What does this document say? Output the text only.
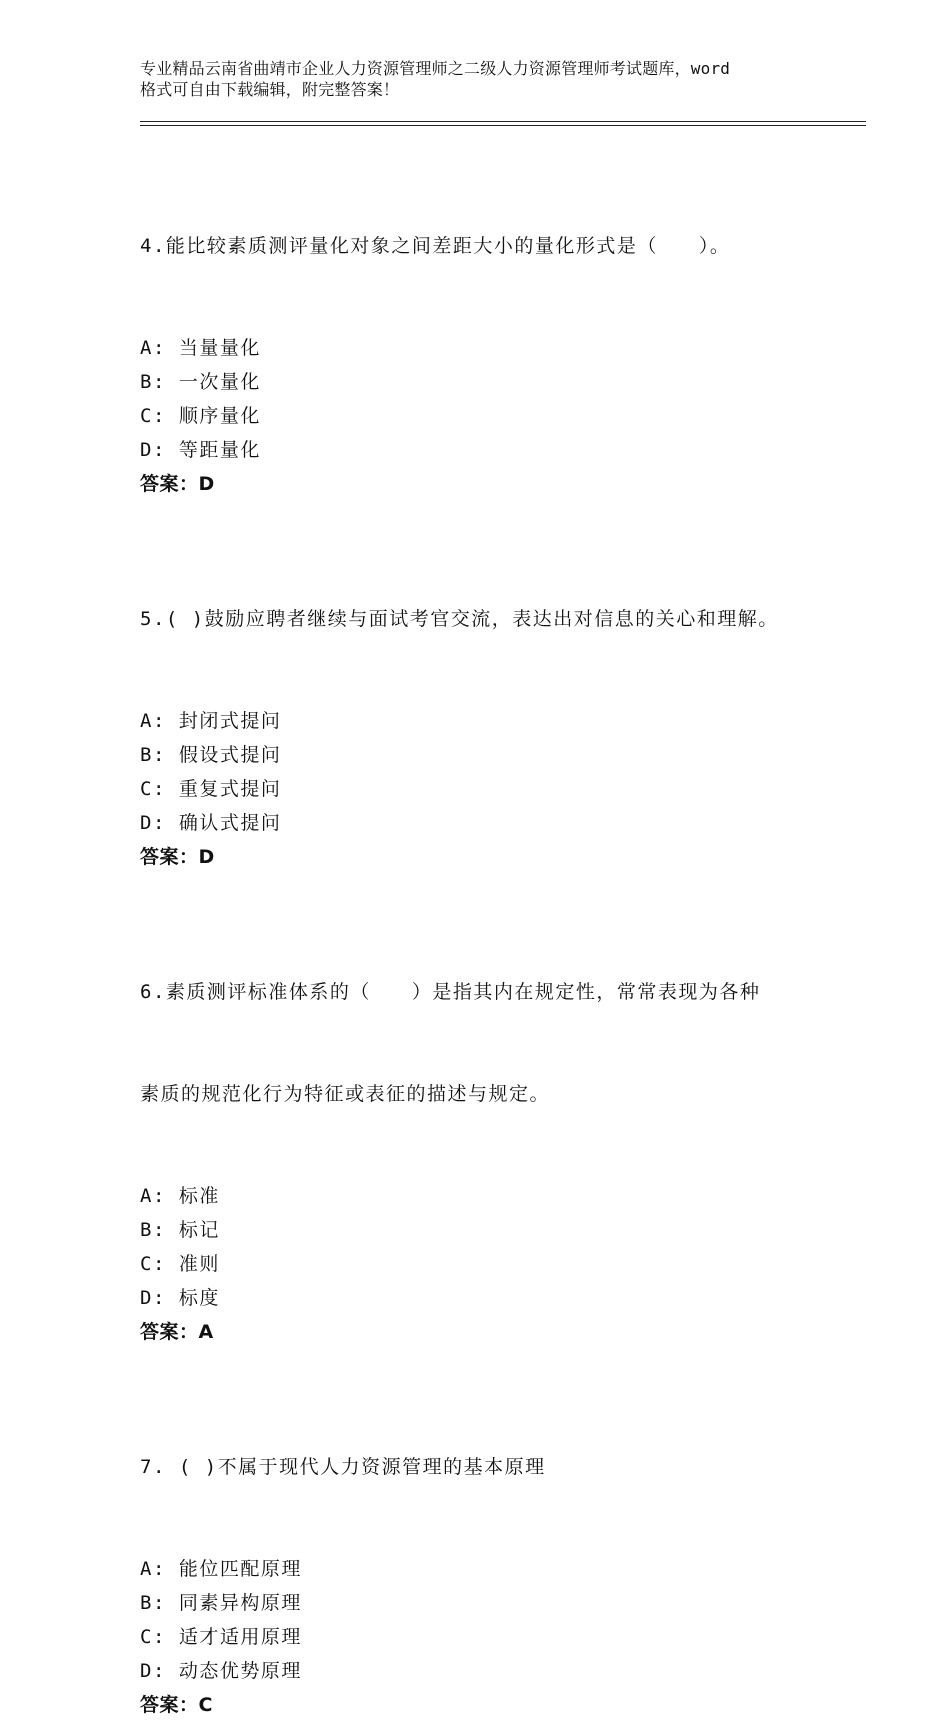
专业精品云南省曲靖市企业人力资源管理师之二级人力资源管理师考试题库，word
格式可自由下载编辑，附完整答案！

4.能比较素质测评量化对象之间差距大小的量化形式是（　　）。

A: 当量量化
B: 一次量化
C: 顺序量化
D: 等距量化
答案：D

5.( )鼓励应聘者继续与面试考官交流，表达出对信息的关心和理解。

A: 封闭式提问
B: 假设式提问
C: 重复式提问
D: 确认式提问
答案：D

6.素质测评标准体系的（　　）是指其内在规定性，常常表现为各种

素质的规范化行为特征或表征的描述与规定。

A: 标准
B: 标记
C: 准则
D: 标度
答案：A

7. ( )不属于现代人力资源管理的基本原理

A: 能位匹配原理
B: 同素异构原理
C: 适才适用原理
D: 动态优势原理
答案：C
